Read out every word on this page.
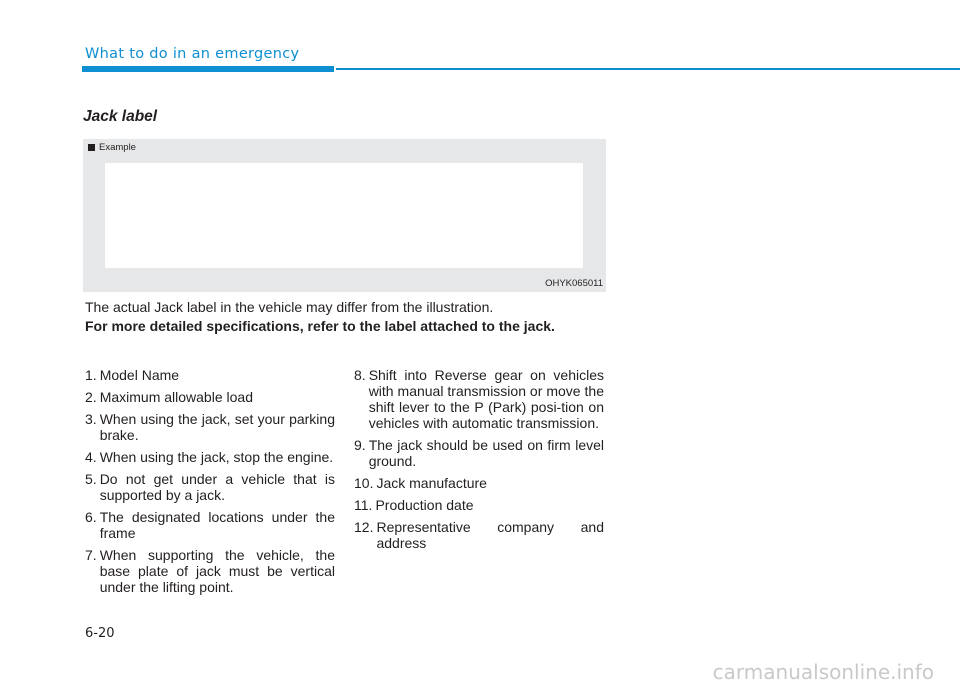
What to do in an emergency
Jack label
Example
OHYK065011
The actual Jack label in the vehicle may differ from the illustration.
For more detailed specifications, refer to the label attached to the jack.
1. Model Name
2. Maximum allowable load
3. When using the jack, set your parking brake.
4. When using the jack, stop the engine.
5. Do not get under a vehicle that is supported by a jack.
6. The designated locations under the frame
7. When supporting the vehicle, the base plate of jack must be vertical under the lifting point.
8. Shift into Reverse gear on vehicles with manual transmission or move the shift lever to the P (Park) posi-tion on vehicles with automatic transmission.
9. The jack should be used on firm level ground.
10. Jack manufacture
11. Production date
12. Representative company and address
6-20
carmanualsonline.info
